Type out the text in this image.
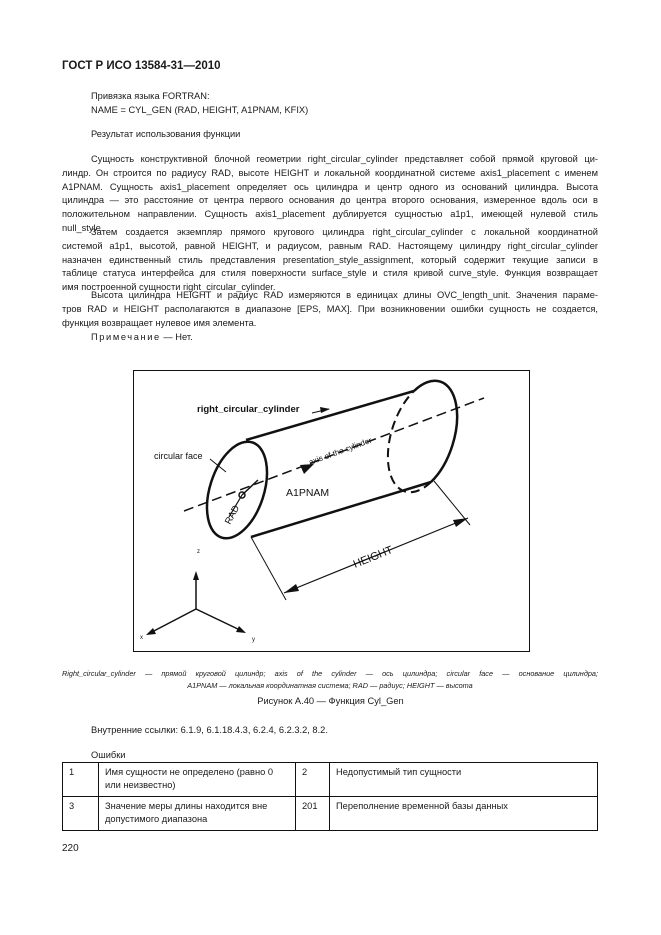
ГОСТ Р ИСО 13584-31—2010
Привязка языка FORTRAN:
NAME = CYL_GEN (RAD, HEIGHT, A1PNAM, KFIX)
Результат использования функции
Сущность конструктивной блочной геометрии right_circular_cylinder представляет собой прямой круговой ци-
линдр. Он строится по радиусу RAD, высоте HEIGHT и локальной координатной системе axis1_placement с именем
A1PNAM. Сущность axis1_placement определяет ось цилиндра и центр одного из оснований цилиндра. Высота
цилиндра — это расстояние от центра первого основания до центра второго основания, измеренное вдоль оси в
положительном направлении. Сущность axis1_placement дублируется сущностью a1p1, имеющей нулевой стиль
null_style.
Затем создается экземпляр прямого кругового цилиндра right_circular_cylinder с локальной координатной
системой a1p1, высотой, равной HEIGHT, и радиусом, равным RAD. Настоящему цилиндру right_circular_cylinder
назначен единственный стиль представления presentation_style_assignment, который содержит текущие записи в
таблице статуса интерфейса для стиля поверхности surface_style и стиля кривой curve_style. Функция возвращает
имя построенной сущности right_circular_cylinder.
Высота цилиндра HEIGHT и радиус RAD измеряются в единицах длины OVC_length_unit. Значения параме-
тров RAD и HEIGHT располагаются в диапазоне [EPS, MAX]. При возникновении ошибки сущность не создается,
функция возвращает нулевое имя элемента.
Примечание — Нет.
right_circular_cylinder
circular face	axis of the cylinder
A1PNAM
RAD
HEIGHT
z
x	y
Right_circular_cylinder — прямой круговой цилиндр; axis of the cylinder — ось цилиндра; circular face — основание цилиндра;
A1PNAM — локальная координатная система; RAD — радиус; HEIGHT — высота
Рисунок А.40 — Функция Cyl_Gen
Внутренние ссылки: 6.1.9, 6.1.18.4.3, 6.2.4, 6.2.3.2, 8.2.
Ошибки
1	Имя сущности не определено (равно 0 или неизвестно)	2	Недопустимый тип сущности
3	Значение меры длины находится вне допустимого диапазона	201	Переполнение временной базы данных
220
